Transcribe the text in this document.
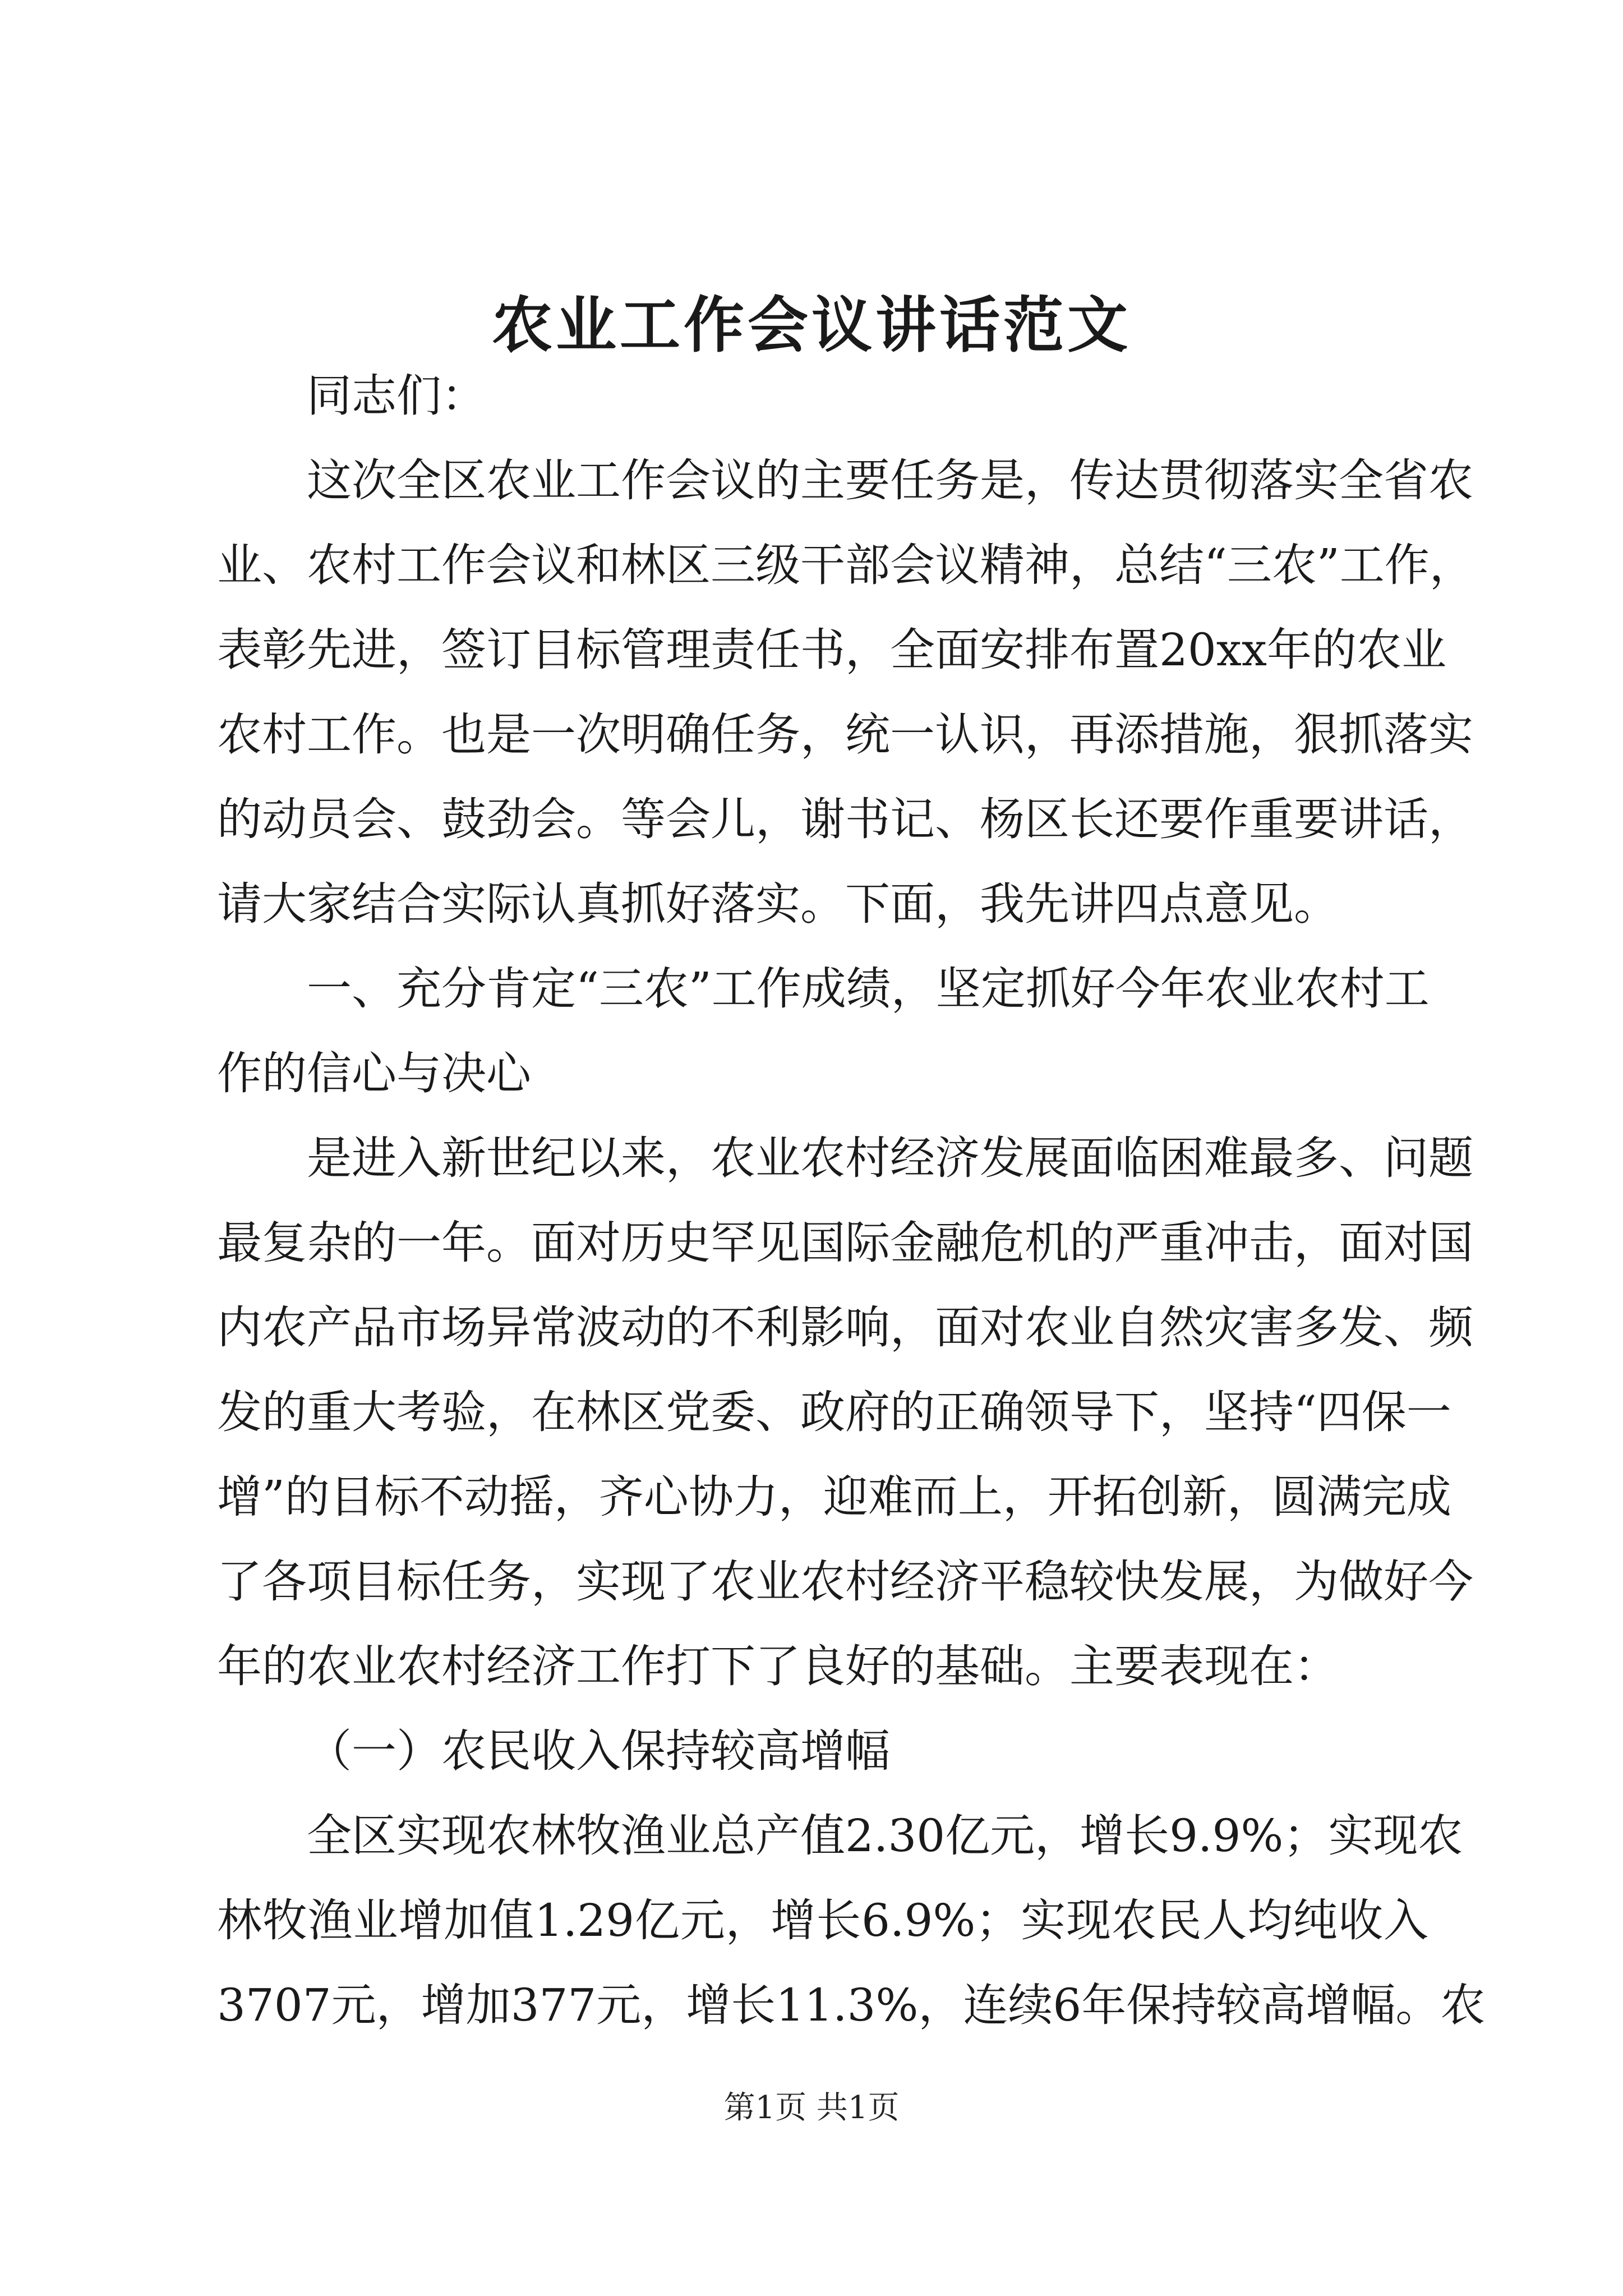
农业工作会议讲话范文
同志们：
这次全区农业工作会议的主要任务是，传达贯彻落实全省农
业、农村工作会议和林区三级干部会议精神，总结“三农”工作，
表彰先进，签订目标管理责任书，全面安排布置20xx年的农业
农村工作。也是一次明确任务，统一认识，再添措施，狠抓落实
的动员会、鼓劲会。等会儿，谢书记、杨区长还要作重要讲话，
请大家结合实际认真抓好落实。下面，我先讲四点意见。
一、充分肯定“三农”工作成绩，坚定抓好今年农业农村工
作的信心与决心
是进入新世纪以来，农业农村经济发展面临困难最多、问题
最复杂的一年。面对历史罕见国际金融危机的严重冲击，面对国
内农产品市场异常波动的不利影响，面对农业自然灾害多发、频
发的重大考验，在林区党委、政府的正确领导下，坚持“四保一
增”的目标不动摇，齐心协力，迎难而上，开拓创新，圆满完成
了各项目标任务，实现了农业农村经济平稳较快发展，为做好今
年的农业农村经济工作打下了良好的基础。主要表现在：
（一）农民收入保持较高增幅
全区实现农林牧渔业总产值2.30亿元，增长9.9%；实现农
林牧渔业增加值1.29亿元，增长6.9%；实现农民人均纯收入
3707元，增加377元，增长11.3%，连续6年保持较高增幅。农
第1页 共1页
